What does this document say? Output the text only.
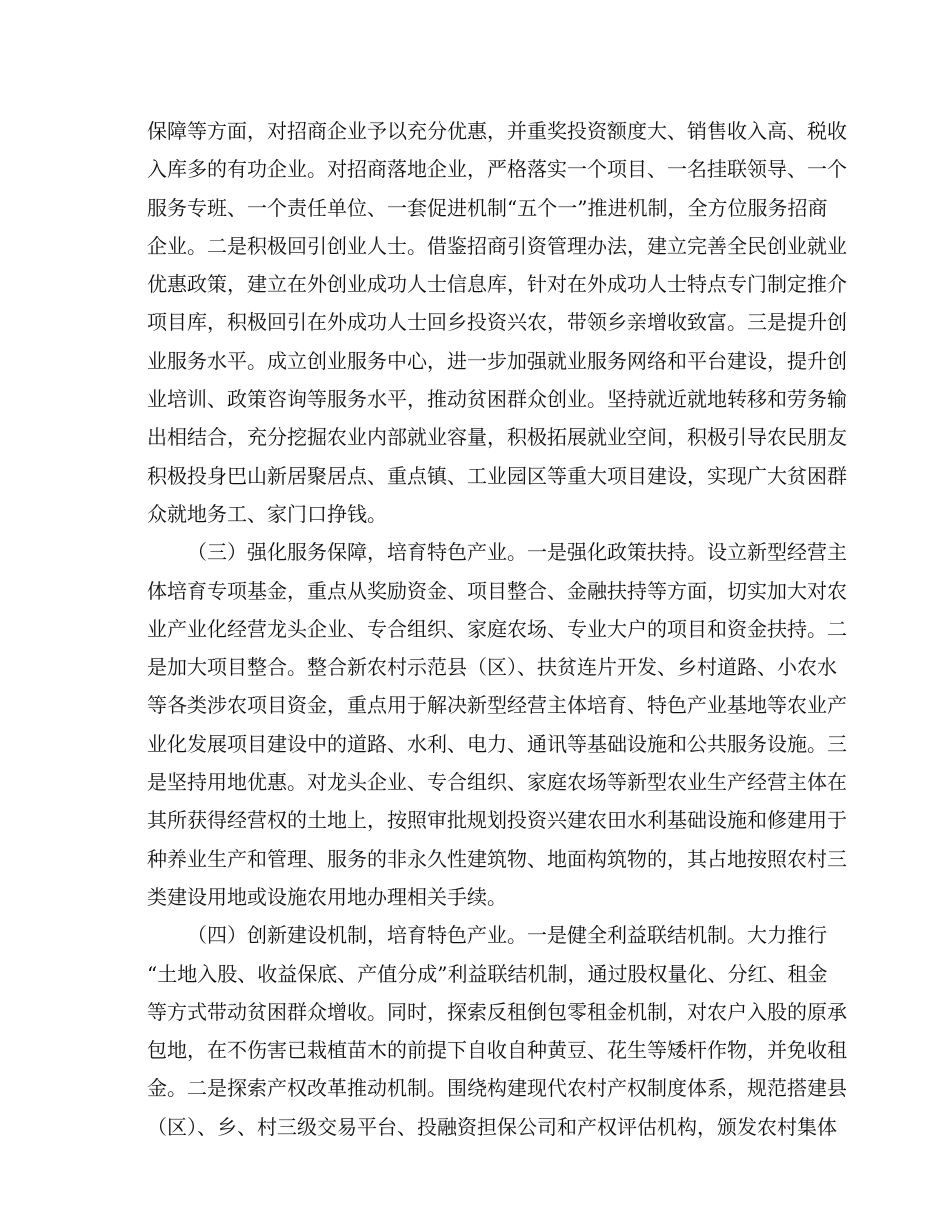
保障等方面，对招商企业予以充分优惠，并重奖投资额度大、销售收入高、税收

入库多的有功企业。对招商落地企业，严格落实一个项目、一名挂联领导、一个

服务专班、一个责任单位、一套促进机制“五个一”推进机制，全方位服务招商

企业。二是积极回引创业人士。借鉴招商引资管理办法，建立完善全民创业就业

优惠政策，建立在外创业成功人士信息库，针对在外成功人士特点专门制定推介

项目库，积极回引在外成功人士回乡投资兴农，带领乡亲增收致富。三是提升创

业服务水平。成立创业服务中心，进一步加强就业服务网络和平台建设，提升创

业培训、政策咨询等服务水平，推动贫困群众创业。坚持就近就地转移和劳务输

出相结合，充分挖掘农业内部就业容量，积极拓展就业空间，积极引导农民朋友

积极投身巴山新居聚居点、重点镇、工业园区等重大项目建设，实现广大贫困群

众就地务工、家门口挣钱。

（三）强化服务保障，培育特色产业。一是强化政策扶持。设立新型经营主

体培育专项基金，重点从奖励资金、项目整合、金融扶持等方面，切实加大对农

业产业化经营龙头企业、专合组织、家庭农场、专业大户的项目和资金扶持。二

是加大项目整合。整合新农村示范县（区）、扶贫连片开发、乡村道路、小农水

等各类涉农项目资金，重点用于解决新型经营主体培育、特色产业基地等农业产

业化发展项目建设中的道路、水利、电力、通讯等基础设施和公共服务设施。三

是坚持用地优惠。对龙头企业、专合组织、家庭农场等新型农业生产经营主体在

其所获得经营权的土地上，按照审批规划投资兴建农田水利基础设施和修建用于

种养业生产和管理、服务的非永久性建筑物、地面构筑物的，其占地按照农村三

类建设用地或设施农用地办理相关手续。

（四）创新建设机制，培育特色产业。一是健全利益联结机制。大力推行

“土地入股、收益保底、产值分成”利益联结机制，通过股权量化、分红、租金

等方式带动贫困群众增收。同时，探索反租倒包零租金机制，对农户入股的原承

包地，在不伤害已栽植苗木的前提下自收自种黄豆、花生等矮杆作物，并免收租

金。二是探索产权改革推动机制。围绕构建现代农村产权制度体系，规范搭建县

（区）、乡、村三级交易平台、投融资担保公司和产权评估机构，颁发农村集体
